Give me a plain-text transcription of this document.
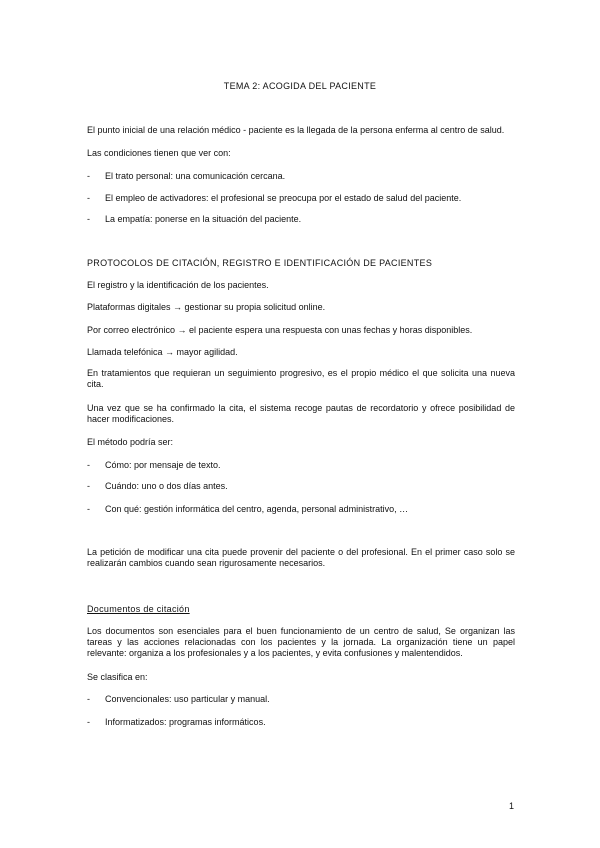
TEMA 2: ACOGIDA DEL PACIENTE
El punto inicial de una relación médico - paciente es la llegada de la persona enferma al centro de salud.
Las condiciones tienen que ver con:
- El trato personal: una comunicación cercana.
- El empleo de activadores: el profesional se preocupa por el estado de salud del paciente.
- La empatía: ponerse en la situación del paciente.
PROTOCOLOS DE CITACIÓN, REGISTRO E IDENTIFICACIÓN DE PACIENTES
El registro y la identificación de los pacientes.
Plataformas digitales → gestionar su propia solicitud online.
Por correo electrónico → el paciente espera una respuesta con unas fechas y horas disponibles.
Llamada telefónica → mayor agilidad.
En tratamientos que requieran un seguimiento progresivo, es el propio médico el que solicita una nueva cita.
Una vez que se ha confirmado la cita, el sistema recoge pautas de recordatorio y ofrece posibilidad de hacer modificaciones.
El método podría ser:
- Cómo: por mensaje de texto.
- Cuándo: uno o dos días antes.
- Con qué: gestión informática del centro, agenda, personal administrativo, …
La petición de modificar una cita puede provenir del paciente o del profesional. En el primer caso solo se realizarán cambios cuando sean rigurosamente necesarios.
Documentos de citación
Los documentos son esenciales para el buen funcionamiento de un centro de salud, Se organizan las tareas y las acciones relacionadas con los pacientes y la jornada. La organización tiene un papel relevante: organiza a los profesionales y a los pacientes, y evita confusiones y malentendidos.
Se clasifica en:
- Convencionales: uso particular y manual.
- Informatizados: programas informáticos.
1
